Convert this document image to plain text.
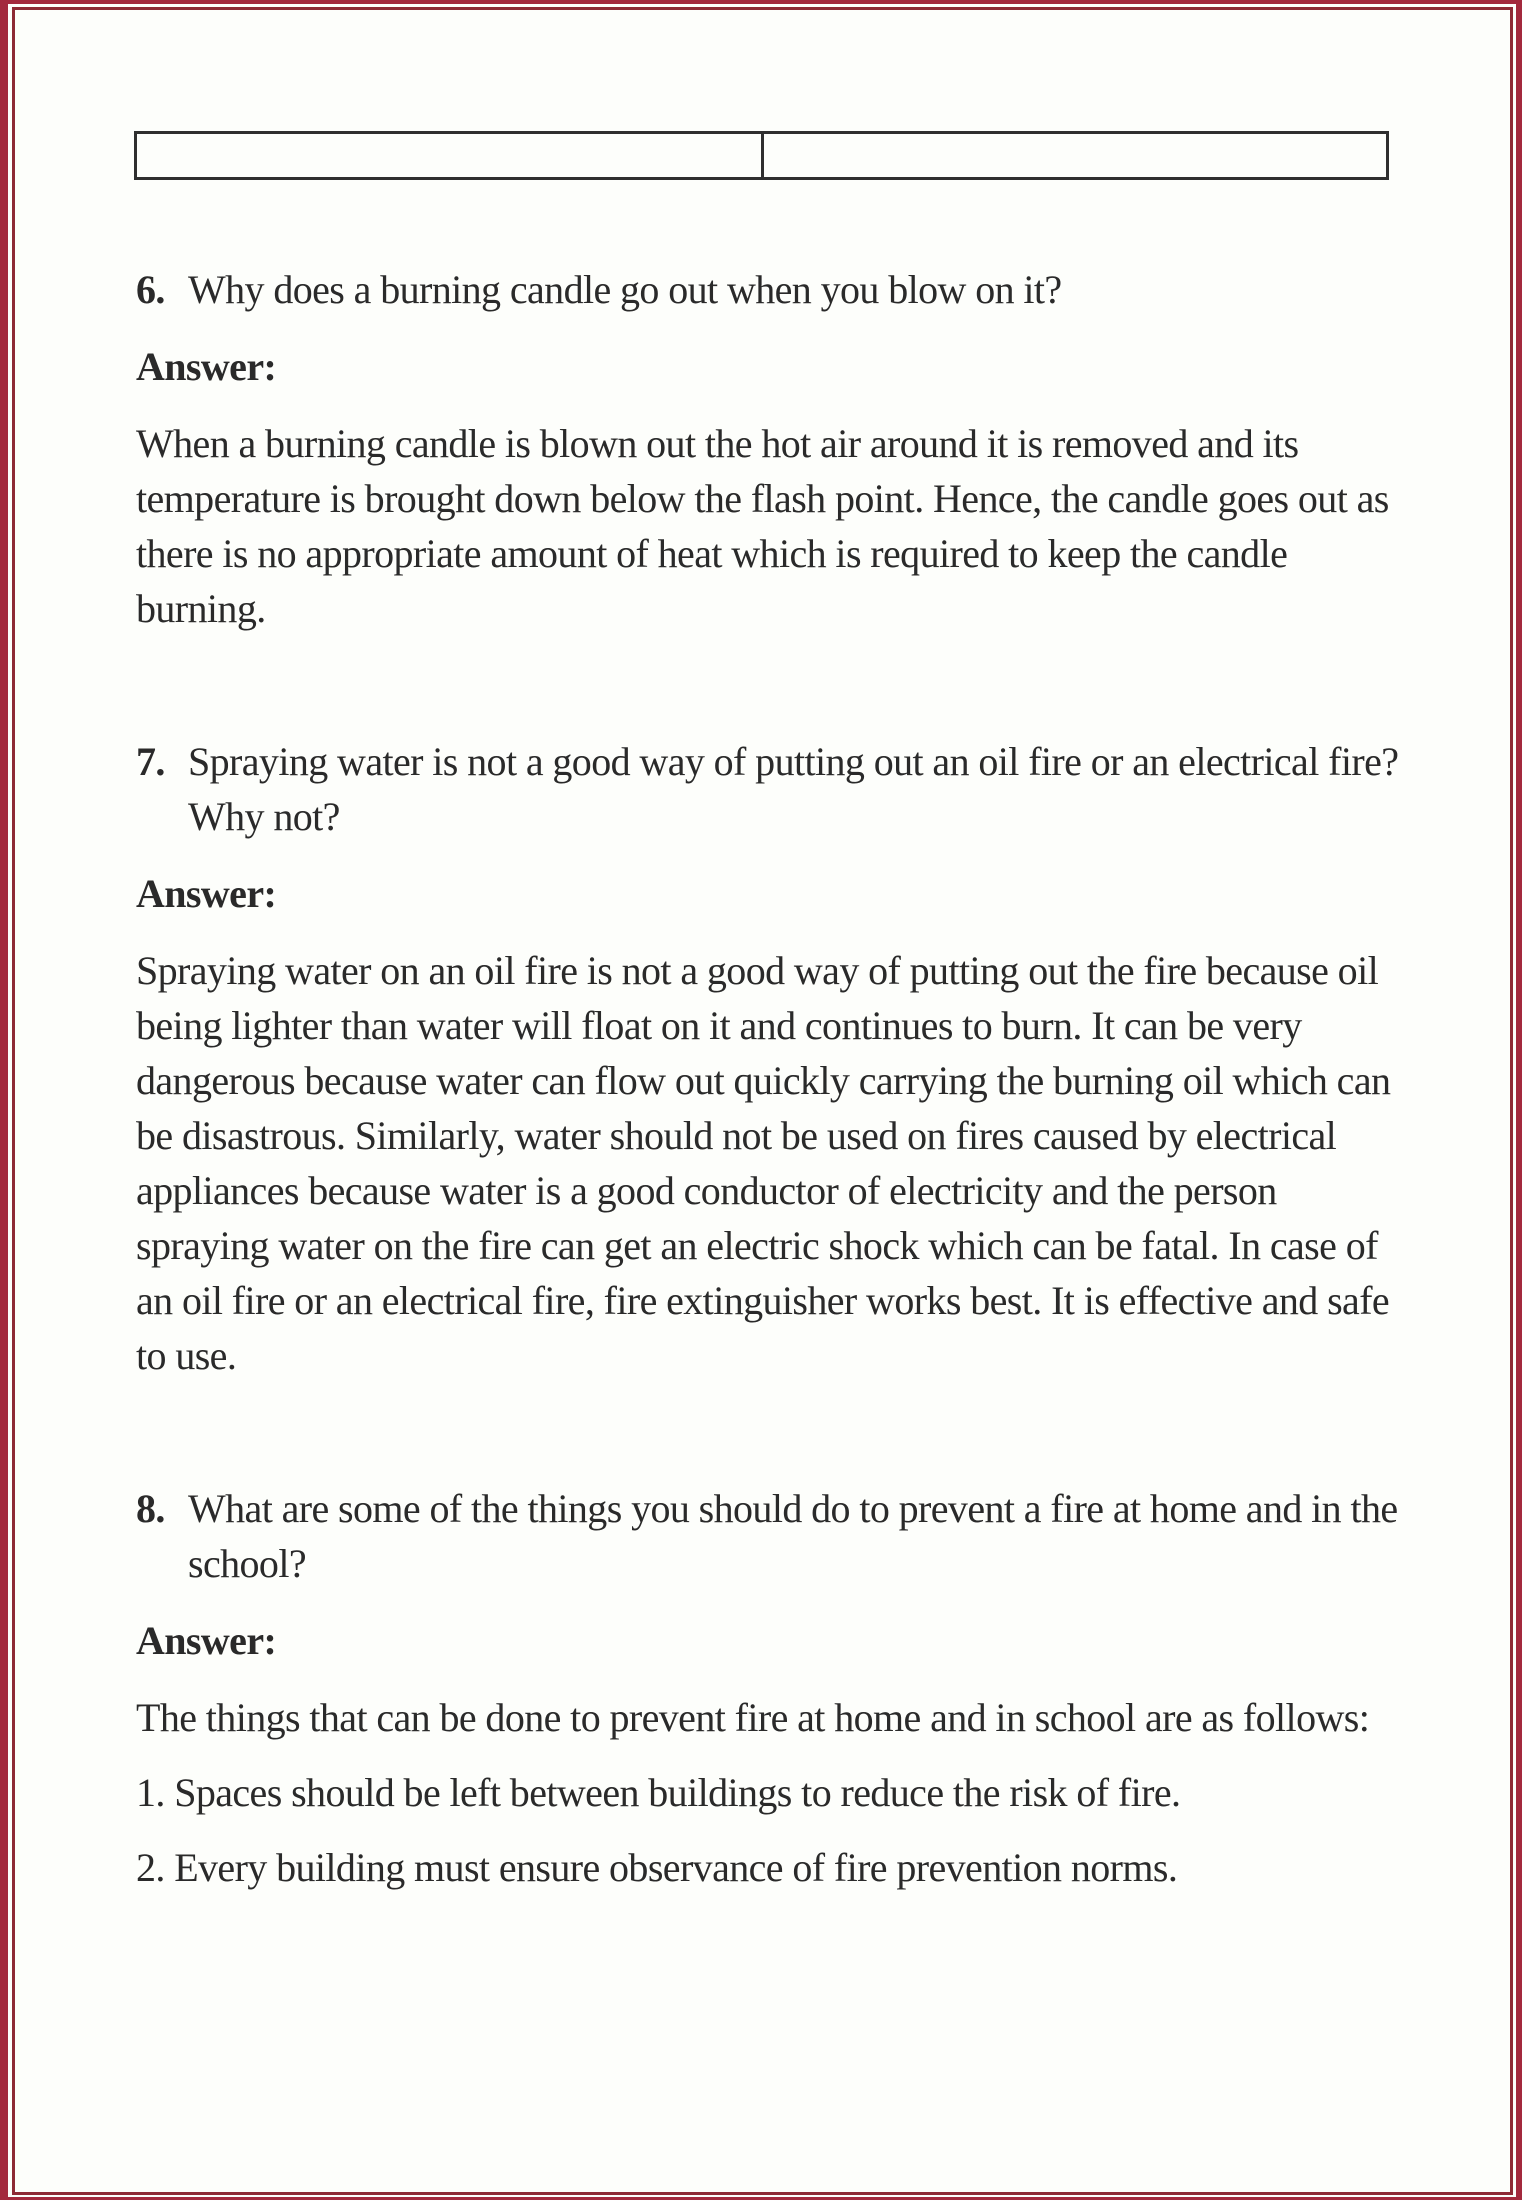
6. Why does a burning candle go out when you blow on it?

Answer:

When a burning candle is blown out the hot air around it is removed and its temperature is brought down below the flash point. Hence, the candle goes out as there is no appropriate amount of heat which is required to keep the candle burning.

7. Spraying water is not a good way of putting out an oil fire or an electrical fire? Why not?

Answer:

Spraying water on an oil fire is not a good way of putting out the fire because oil being lighter than water will float on it and continues to burn. It can be very dangerous because water can flow out quickly carrying the burning oil which can be disastrous. Similarly, water should not be used on fires caused by electrical appliances because water is a good conductor of electricity and the person spraying water on the fire can get an electric shock which can be fatal. In case of an oil fire or an electrical fire, fire extinguisher works best. It is effective and safe to use.

8. What are some of the things you should do to prevent a fire at home and in the school?

Answer:

The things that can be done to prevent fire at home and in school are as follows:

1. Spaces should be left between buildings to reduce the risk of fire.

2. Every building must ensure observance of fire prevention norms.
